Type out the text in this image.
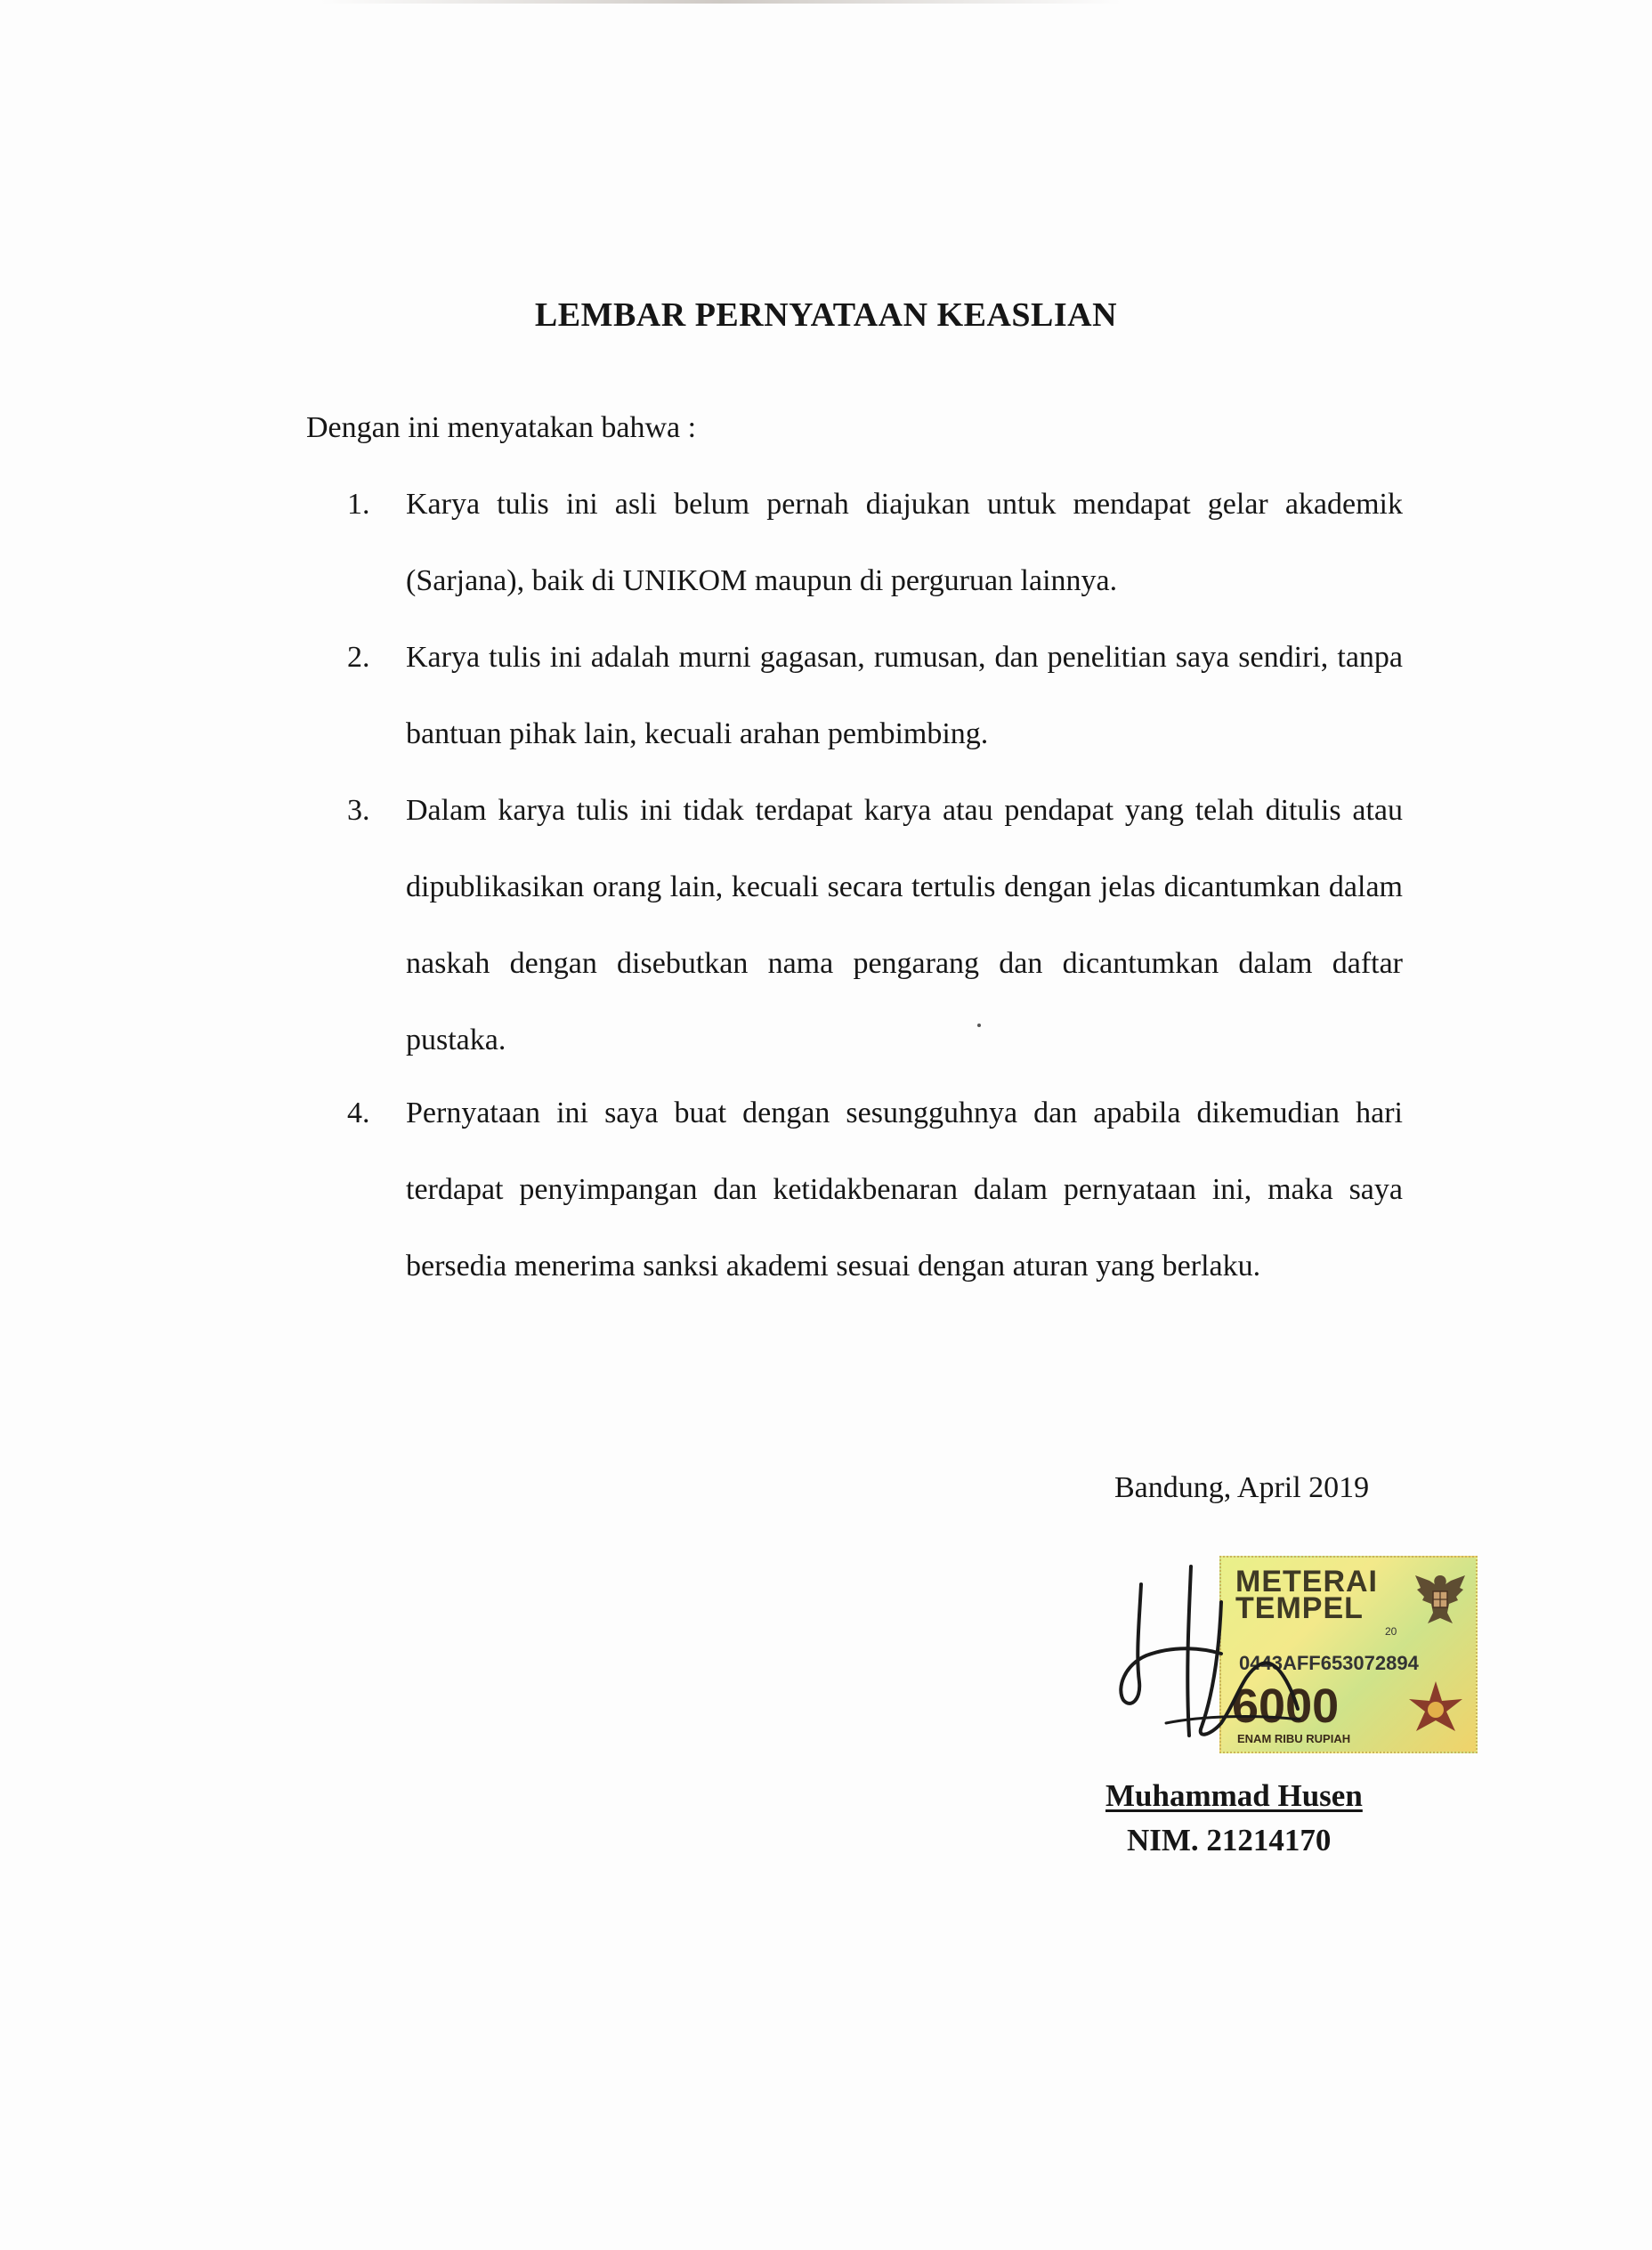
LEMBAR PERNYATAAN KEASLIAN
Dengan ini menyatakan bahwa :
1.	Karya tulis ini asli belum pernah diajukan untuk mendapat gelar akademik (Sarjana), baik di UNIKOM maupun di perguruan lainnya.
2.	Karya tulis ini adalah murni gagasan, rumusan, dan penelitian saya sendiri, tanpa bantuan pihak lain, kecuali arahan pembimbing.
3.	Dalam karya tulis ini tidak terdapat karya atau pendapat yang telah ditulis atau dipublikasikan orang lain, kecuali secara tertulis dengan jelas dicantumkan dalam naskah dengan disebutkan nama pengarang dan dicantumkan dalam daftar pustaka.
4.	Pernyataan ini saya buat dengan sesungguhnya dan apabila dikemudian hari terdapat penyimpangan dan ketidakbenaran dalam pernyataan ini, maka saya bersedia menerima sanksi akademi sesuai dengan aturan yang berlaku.
Bandung, April 2019
METERAI
TEMPEL
20
0443AFF653072894
6000
ENAM RIBU RUPIAH
Muhammad Husen
NIM. 21214170
